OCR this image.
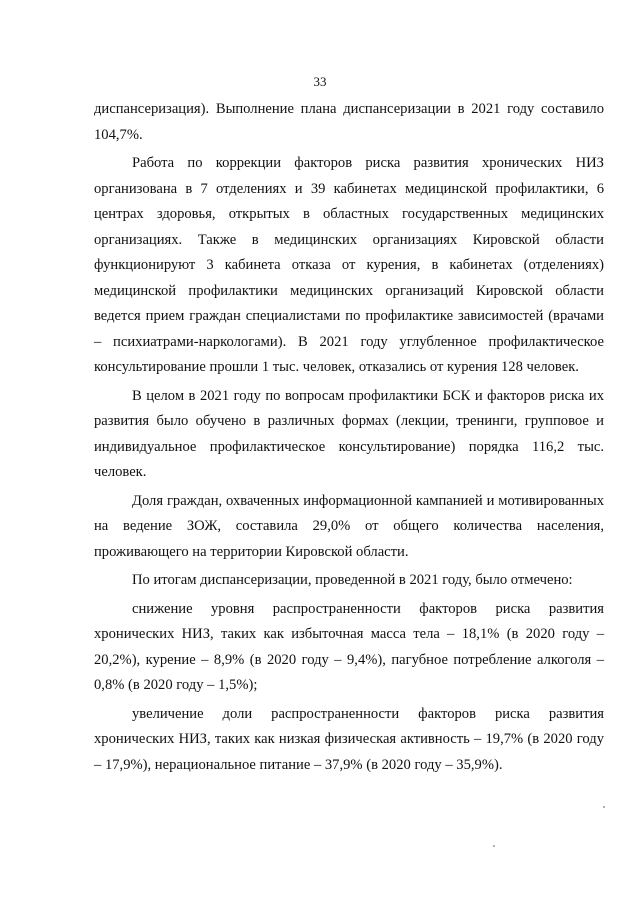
33

диспансеризация). Выполнение плана диспансеризации в 2021 году составило 104,7%.

Работа по коррекции факторов риска развития хронических НИЗ организована в 7 отделениях и 39 кабинетах медицинской профилактики, 6 центрах здоровья, открытых в областных государственных медицинских организациях. Также в медицинских организациях Кировской области функционируют 3 кабинета отказа от курения, в кабинетах (отделениях) медицинской профилактики медицинских организаций Кировской области ведется прием граждан специалистами по профилактике зависимостей (врачами – психиатрами-наркологами). В 2021 году углубленное профилактическое консультирование прошли 1 тыс. человек, отказались от курения 128 человек.

В целом в 2021 году по вопросам профилактики БСК и факторов риска их развития было обучено в различных формах (лекции, тренинги, групповое и индивидуальное профилактическое консультирование) порядка 116,2 тыс. человек.

Доля граждан, охваченных информационной кампанией и мотивированных на ведение ЗОЖ, составила 29,0% от общего количества населения, проживающего на территории Кировской области.

По итогам диспансеризации, проведенной в 2021 году, было отмечено:

снижение уровня распространенности факторов риска развития хронических НИЗ, таких как избыточная масса тела – 18,1% (в 2020 году – 20,2%), курение – 8,9% (в 2020 году – 9,4%), пагубное потребление алкоголя – 0,8% (в 2020 году – 1,5%);

увеличение доли распространенности факторов риска развития хронических НИЗ, таких как низкая физическая активность – 19,7% (в 2020 году – 17,9%), нерациональное питание – 37,9% (в 2020 году – 35,9%).
